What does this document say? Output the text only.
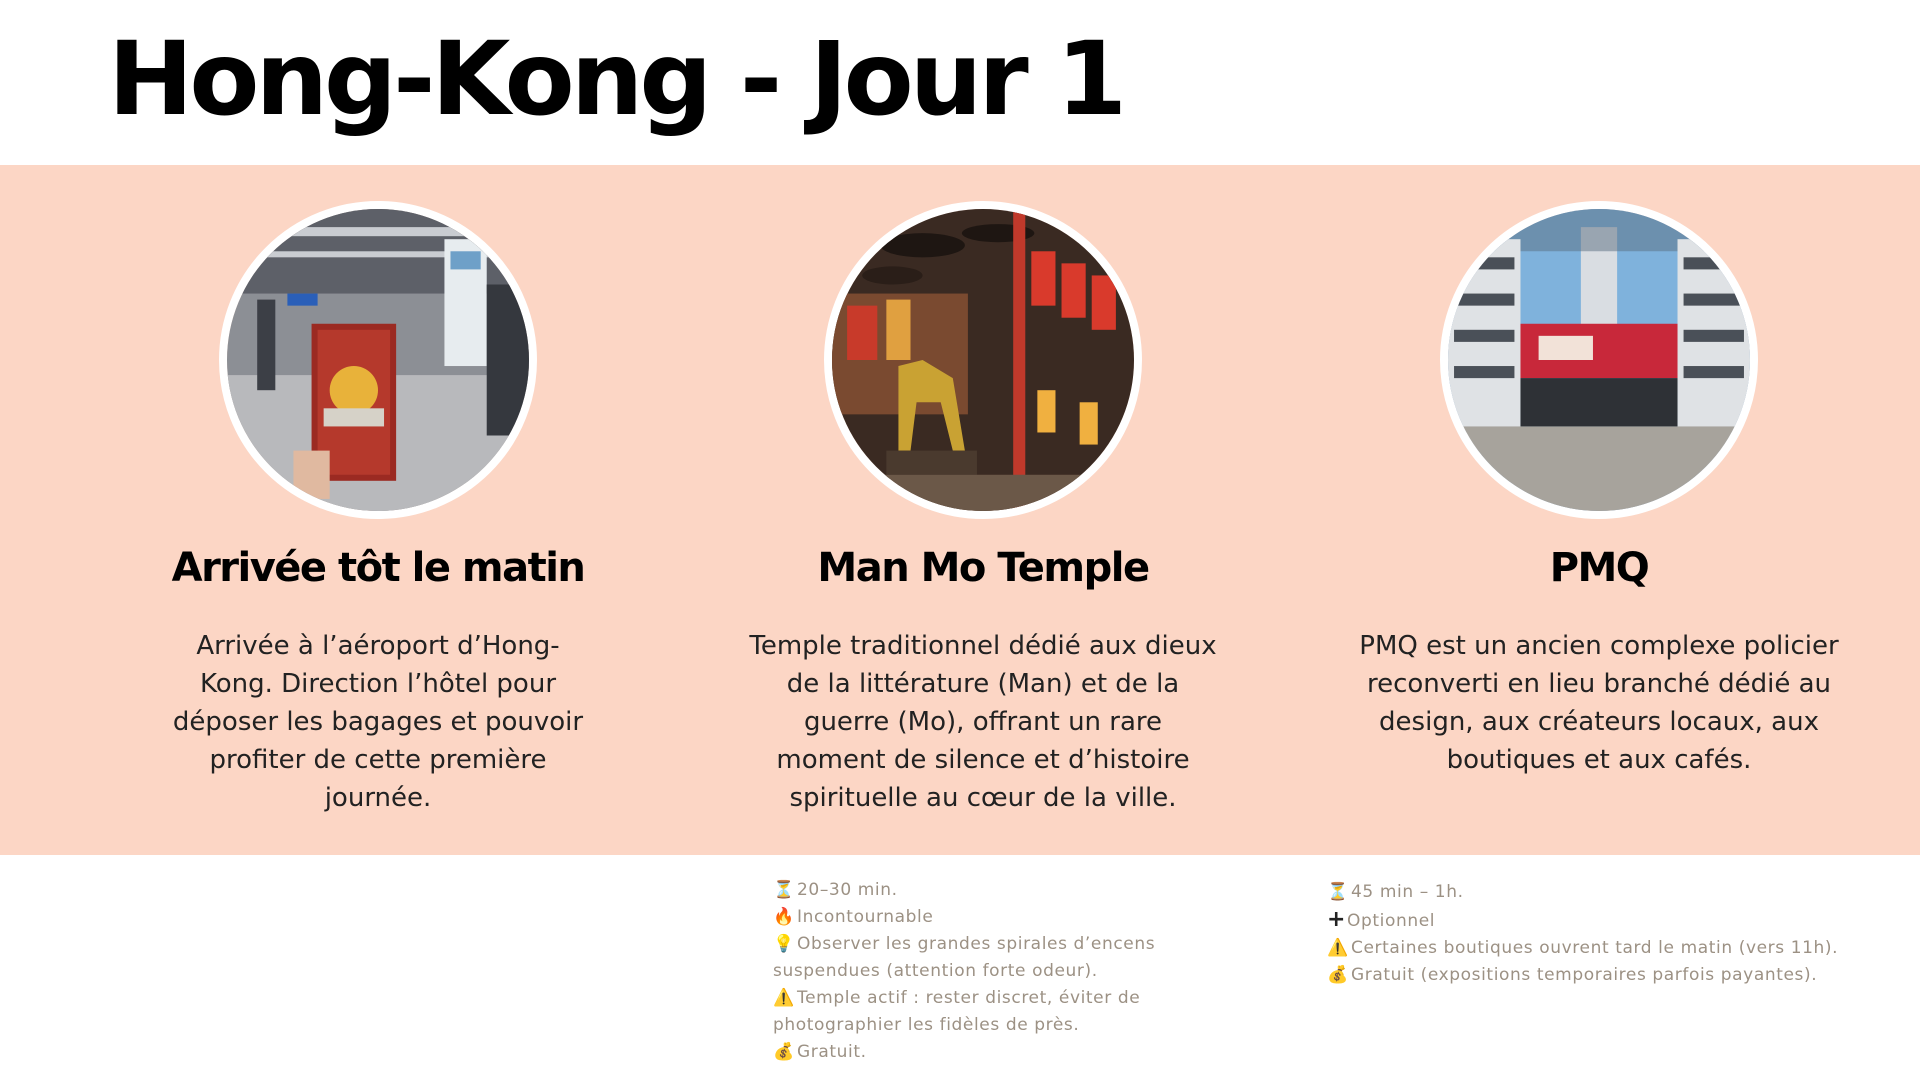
Hong-Kong - Jour 1
Arrivée tôt le matin

Arrivée à l’aéroport d’Hong-Kong. Direction l’hôtel pour déposer les bagages et pouvoir profiter de cette première journée.

Man Mo Temple

Temple traditionnel dédié aux dieux de la littérature (Man) et de la guerre (Mo), offrant un rare moment de silence et d’histoire spirituelle au cœur de la ville.

PMQ

PMQ est un ancien complexe policier reconverti en lieu branché dédié au design, aux créateurs locaux, aux boutiques et aux cafés.

⏳ 20–30 min.
🔥 Incontournable
💡 Observer les grandes spirales d’encens suspendues (attention forte odeur).
⚠️ Temple actif : rester discret, éviter de photographier les fidèles de près.
💰 Gratuit.
⏳ 45 min – 1h.
+Optionnel
⚠️ Certaines boutiques ouvrent tard le matin (vers 11h).
💰 Gratuit (expositions temporaires parfois payantes).
